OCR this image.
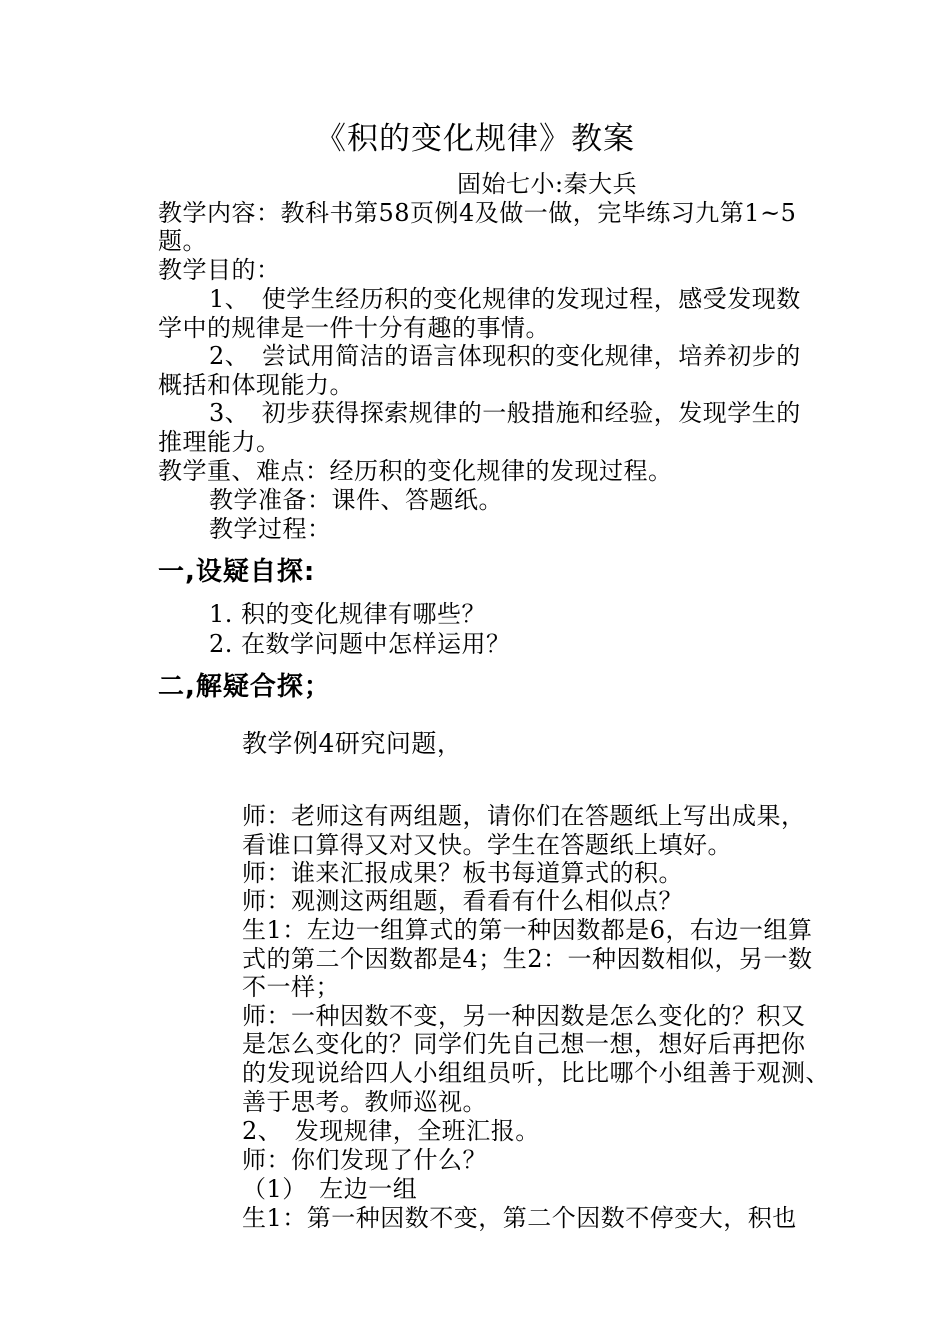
《积的变化规律》教案
固始七小:秦大兵
教学内容：教科书第58页例4及做一做，完毕练习九第1~5
题。
教学目的：
1、　使学生经历积的变化规律的发现过程，感受发现数
学中的规律是一件十分有趣的事情。
2、　尝试用简洁的语言体现积的变化规律，培养初步的
概括和体现能力。
3、　初步获得探索规律的一般措施和经验，发现学生的
推理能力。
教学重、难点：经历积的变化规律的发现过程。
教学准备：课件、答题纸。
教学过程：
一,设疑自探:
1. 积的变化规律有哪些？
2. 在数学问题中怎样运用？
二,解疑合探；
教学例4研究问题，
师：老师这有两组题，请你们在答题纸上写出成果，
看谁口算得又对又快。学生在答题纸上填好。
师：谁来汇报成果？板书每道算式的积。
师：观测这两组题，看看有什么相似点？
生1：左边一组算式的第一种因数都是6，右边一组算
式的第二个因数都是4；生2：一种因数相似，另一数
不一样；
师：一种因数不变，另一种因数是怎么变化的？积又
是怎么变化的？同学们先自己想一想，想好后再把你
的发现说给四人小组组员听，比比哪个小组善于观测、
善于思考。教师巡视。
2、　发现规律，全班汇报。
师：你们发现了什么？
（1）　左边一组
生1：第一种因数不变，第二个因数不停变大，积也
